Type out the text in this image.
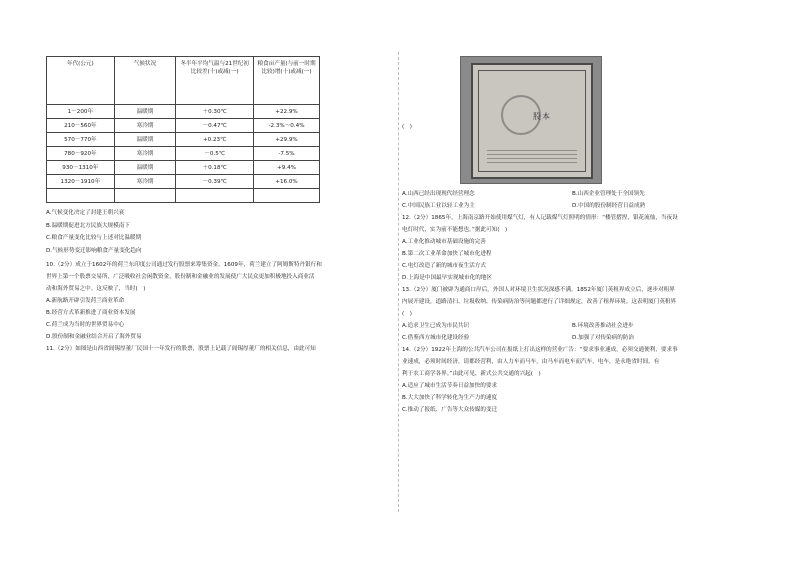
年代(公元)	气候状况	冬半年平均气温与21世纪初比较差(十)或减(一)	粮食亩产量(与前一时期比较)增(十)或减(一)
1－200年	温暖期	＋0.30℃	+22.9%
210－560年	寒冷期	－0.47℃	-2.3%～0.4%
570－770年	温暖期	+0.23℃	+29.9%
780－920年	寒冷期	－0.5℃	-7.5%
930－1310年	温暖期	＋0.18℃	+9.4%
1320－1910年	寒冷期	－0.39℃	+16.0%

A.气候变化决定了封建王朝兴衰

B.温暖期促进北方民族大规模南下

C.粮食产量变化比较与上述对比温暖期

D.气候形势变迁影响粮食产量变化趋向

10.（2分）成立于1602年的荷兰东印度公司通过发行股票来筹集资金。1609年，荷兰建立了阿姆斯特丹银行和

世界上第一个股票交易所，广泛吸收社会闲散资金，股份制和金融业的发展使广大民众更加积极地投入商业活

动和海外贸易之中。这反映了，当时(　)

A.新航路开辟引发荷兰商业革命

B.经营方式革新推进了商业资本发展

C.荷兰成为当时的世界贸易中心

D.股份制和金融业结合开启了海外贸易

11.（2分）如图是山西省阎锡厚董厂民国十一年发行的股票，股票上记载了阎锡厚董厂的相关信息，由此可知

(　)
股本
A.山西已经出现现代经营理念	B.山西企业管理处于全国领先
C.中国民族工业以轻工业为主	D.中国的股份制经营日益成熟

12.（2分）1865年，上海南京路开始使用煤气灯，有人记载煤气灯照明的情形：“楼管摺捏，银花流灿，当夜设

电灯时代，实为前不能想也。”据此可知(　)

A.工业化推动城市基础设施的完善

B.第二次工业革命加快了城市化进程

C.电灯改造了新的城市夜生活方式

D.上海是中国最早实现城市化的地区

13.（2分）厦门被辟为通商口岸后，外国人对环境卫生状况深感不满。1852年厦门英租界成立后，逐步对租界

内展开建设，道路清扫、垃圾收纳、传染病防治等问题都进行了详细规定，改善了租界环境。这表明厦门英租界

(　)

A.追求卫生已成为市民共识	B.环境改善推动社会进步
C.借鉴西方城市化建设经验	D.加强了对传染病的防治

14.（2分）1922年上海的公共汽车公司在报纸上打出这样的营业广告：“要求事业速成，必须交通便利，要求事

业速成，必须时间经济，请都经营利，由人力车而马车，由马车而电车而汽车，电车，是永绝省时间，有

利于农工商学各界。”由此可见，新式公共交通的兴起(　)

A.适应了城市生活节奏日益加快的要求

B.大大加快了科学转化为生产力的速度

C.推动了报纸、广告等大众传媒的变迁
